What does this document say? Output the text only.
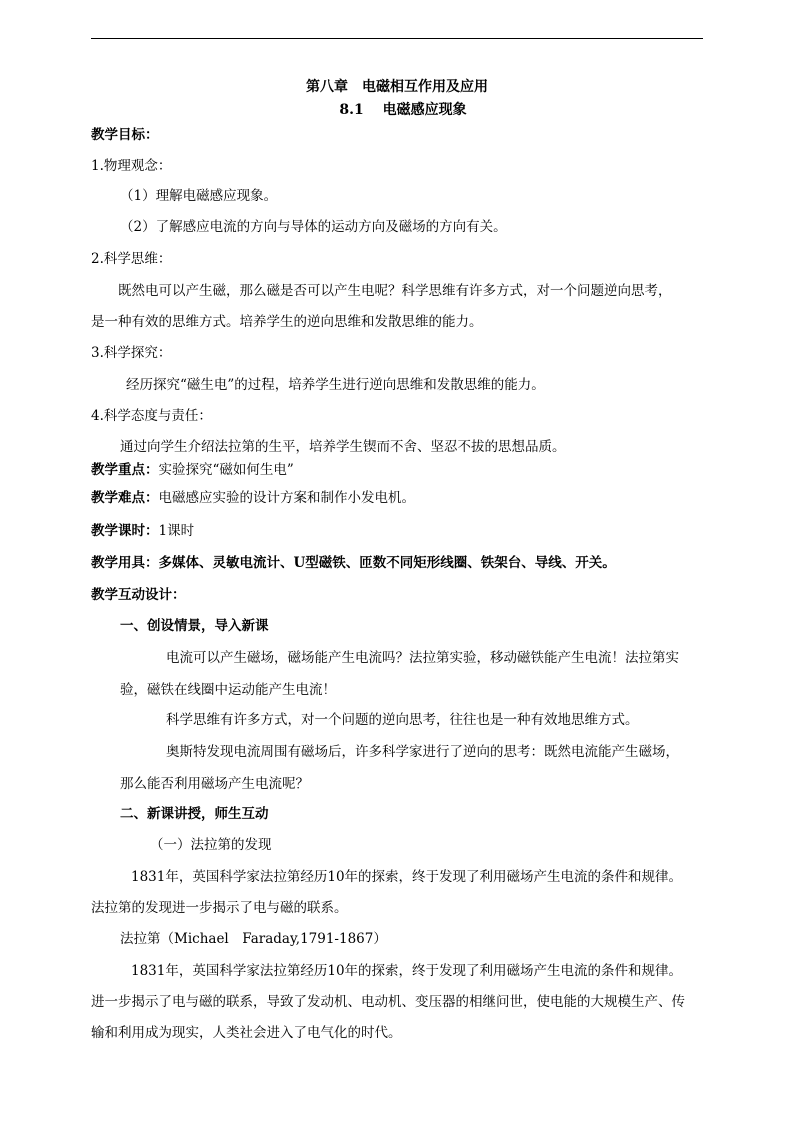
第八章　电磁相互作用及应用
8.1　 电磁感应现象
教学目标：
1.物理观念：
（1）理解电磁感应现象。
（2）了解感应电流的方向与导体的运动方向及磁场的方向有关。
2.科学思维：
既然电可以产生磁，那么磁是否可以产生电呢？科学思维有许多方式，对一个问题逆向思考，
是一种有效的思维方式。培养学生的逆向思维和发散思维的能力。
3.科学探究：
经历探究“磁生电”的过程，培养学生进行逆向思维和发散思维的能力。
4.科学态度与责任：
通过向学生介绍法拉第的生平，培养学生锲而不舍、坚忍不拔的思想品质。
教学重点：实验探究“磁如何生电”
教学难点：电磁感应实验的设计方案和制作小发电机。
教学课时：1课时
教学用具：多媒体、灵敏电流计、U型磁铁、匝数不同矩形线圈、铁架台、导线、开关。
教学互动设计：
一、创设情景，导入新课
电流可以产生磁场，磁场能产生电流吗？法拉第实验，移动磁铁能产生电流！法拉第实
验，磁铁在线圈中运动能产生电流！
科学思维有许多方式，对一个问题的逆向思考，往往也是一种有效地思维方式。
奥斯特发现电流周围有磁场后，许多科学家进行了逆向的思考：既然电流能产生磁场，
那么能否利用磁场产生电流呢？
二、新课讲授，师生互动
（一）法拉第的发现
1831年，英国科学家法拉第经历10年的探索，终于发现了利用磁场产生电流的条件和规律。
法拉第的发现进一步揭示了电与磁的联系。
法拉第（Michael　Faraday,1791-1867）
1831年，英国科学家法拉第经历10年的探索，终于发现了利用磁场产生电流的条件和规律。
进一步揭示了电与磁的联系，导致了发动机、电动机、变压器的相继问世，使电能的大规模生产、传
输和利用成为现实，人类社会进入了电气化的时代。
